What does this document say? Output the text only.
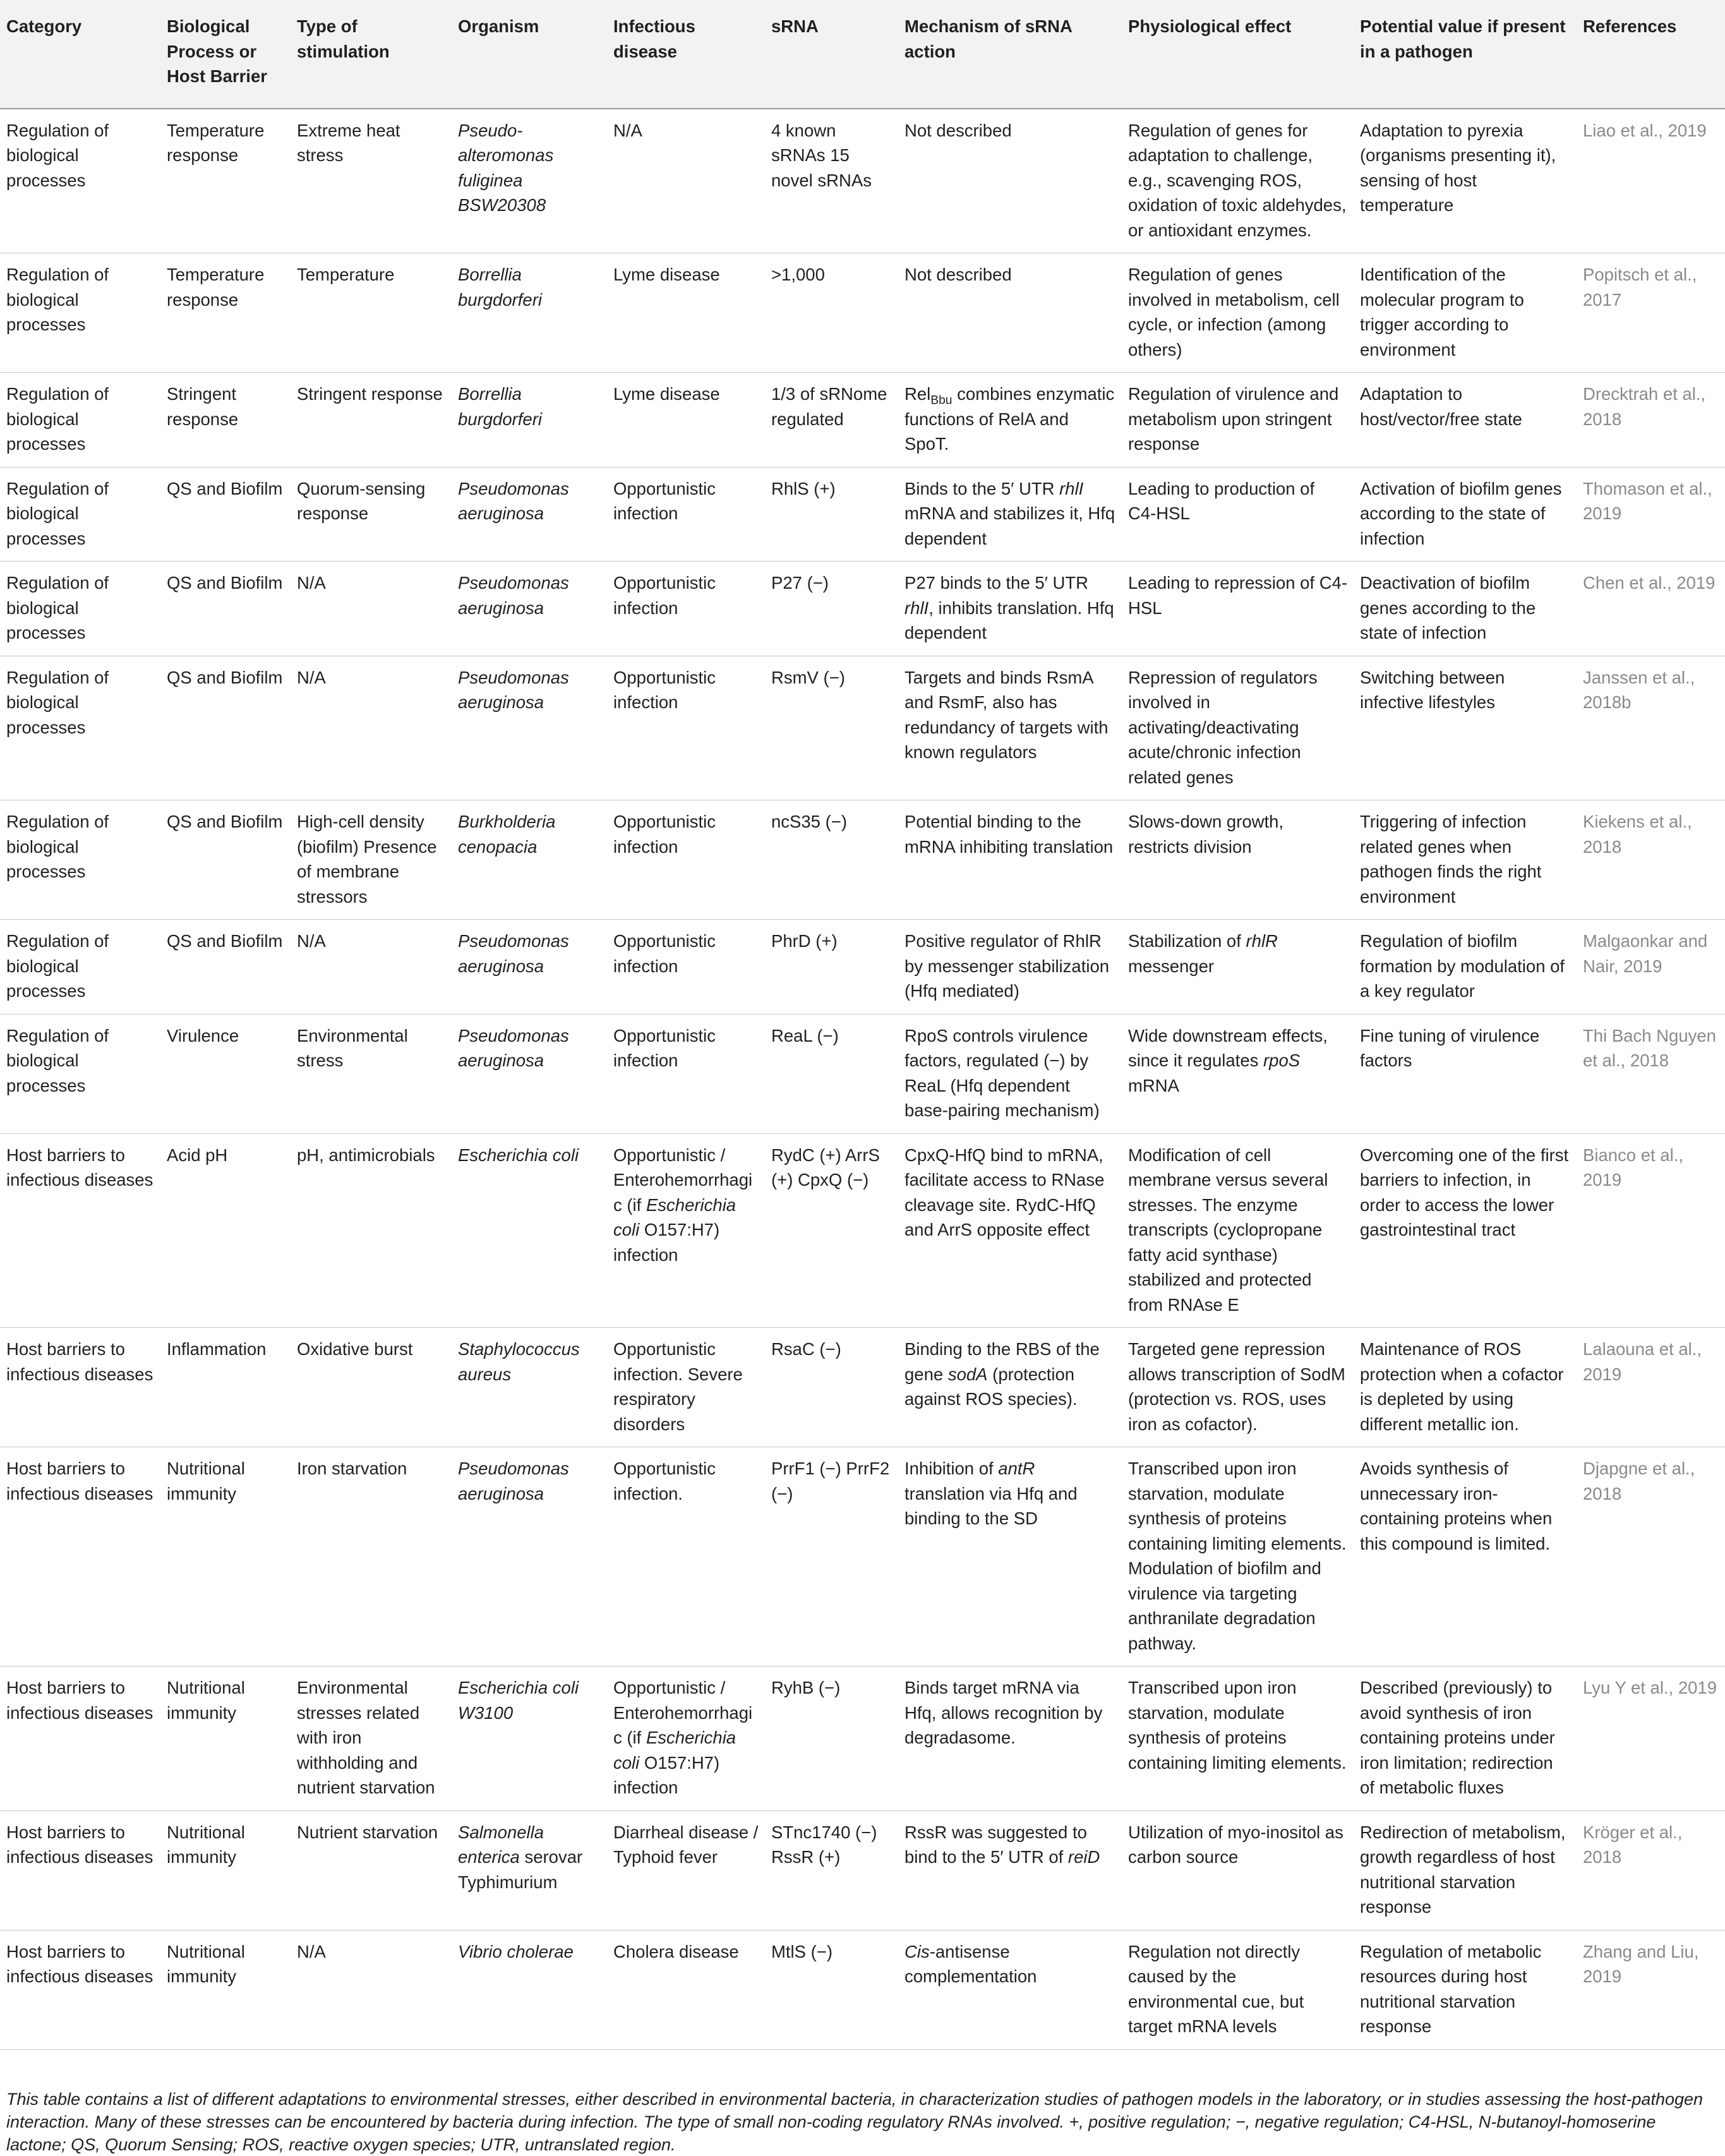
Category	Biological Process or Host Barrier	Type of stimulation	Organism	Infectious disease	sRNA	Mechanism of sRNA action	Physiological effect	Potential value if present in a pathogen	References
Regulation of biological processes	Temperature response	Extreme heat stress	Pseudo-alteromonas fuliginea BSW20308	N/A	4 known sRNAs 15 novel sRNAs	Not described	Regulation of genes for adaptation to challenge, e.g., scavenging ROS, oxidation of toxic aldehydes, or antioxidant enzymes.	Adaptation to pyrexia (organisms presenting it), sensing of host temperature	Liao et al., 2019
Regulation of biological processes	Temperature response	Temperature	Borrellia burgdorferi	Lyme disease	>1,000	Not described	Regulation of genes involved in metabolism, cell cycle, or infection (among others)	Identification of the molecular program to trigger according to environment	Popitsch et al., 2017
Regulation of biological processes	Stringent response	Stringent response	Borrellia burgdorferi	Lyme disease	1/3 of sRNome regulated	Rel$_{Bbu}$ combines enzymatic functions of RelA and SpoT.	Regulation of virulence and metabolism upon stringent response	Adaptation to host/vector/free state	Drecktrah et al., 2018
Regulation of biological processes	QS and Biofilm	Quorum-sensing response	Pseudomonas aeruginosa	Opportunistic infection	RhlS (+)	Binds to the 5′ UTR rhlI mRNA and stabilizes it, Hfq dependent	Leading to production of C4-HSL	Activation of biofilm genes according to the state of infection	Thomason et al., 2019
Regulation of biological processes	QS and Biofilm	N/A	Pseudomonas aeruginosa	Opportunistic infection	P27 (−)	P27 binds to the 5′ UTR rhlI, inhibits translation. Hfq dependent	Leading to repression of C4-HSL	Deactivation of biofilm genes according to the state of infection	Chen et al., 2019
Regulation of biological processes	QS and Biofilm	N/A	Pseudomonas aeruginosa	Opportunistic infection	RsmV (−)	Targets and binds RsmA and RsmF, also has redundancy of targets with known regulators	Repression of regulators involved in activating/deactivating acute/chronic infection related genes	Switching between infective lifestyles	Janssen et al., 2018b
Regulation of biological processes	QS and Biofilm	High-cell density (biofilm) Presence of membrane stressors	Burkholderia cenopacia	Opportunistic infection	ncS35 (−)	Potential binding to the mRNA inhibiting translation	Slows-down growth, restricts division	Triggering of infection related genes when pathogen finds the right environment	Kiekens et al., 2018
Regulation of biological processes	QS and Biofilm	N/A	Pseudomonas aeruginosa	Opportunistic infection	PhrD (+)	Positive regulator of RhlR by messenger stabilization (Hfq mediated)	Stabilization of rhlR messenger	Regulation of biofilm formation by modulation of a key regulator	Malgaonkar and Nair, 2019
Regulation of biological processes	Virulence	Environmental stress	Pseudomonas aeruginosa	Opportunistic infection	ReaL (−)	RpoS controls virulence factors, regulated (−) by ReaL (Hfq dependent base-pairing mechanism)	Wide downstream effects, since it regulates rpoS mRNA	Fine tuning of virulence factors	Thi Bach Nguyen et al., 2018
Host barriers to infectious diseases	Acid pH	pH, antimicrobials	Escherichia coli	Opportunistic / Enterohemorrhagic (if Escherichia coli O157:H7) infection	RydC (+) ArrS (+) CpxQ (−)	CpxQ-HfQ bind to mRNA, facilitate access to RNase cleavage site. RydC-HfQ and ArrS opposite effect	Modification of cell membrane versus several stresses. The enzyme transcripts (cyclopropane fatty acid synthase) stabilized and protected from RNAse E	Overcoming one of the first barriers to infection, in order to access the lower gastrointestinal tract	Bianco et al., 2019
Host barriers to infectious diseases	Inflammation	Oxidative burst	Staphylococcus aureus	Opportunistic infection. Severe respiratory disorders	RsaC (−)	Binding to the RBS of the gene sodA (protection against ROS species).	Targeted gene repression allows transcription of SodM (protection vs. ROS, uses iron as cofactor).	Maintenance of ROS protection when a cofactor is depleted by using different metallic ion.	Lalaouna et al., 2019
Host barriers to infectious diseases	Nutritional immunity	Iron starvation	Pseudomonas aeruginosa	Opportunistic infection.	PrrF1 (−) PrrF2 (−)	Inhibition of antR translation via Hfq and binding to the SD	Transcribed upon iron starvation, modulate synthesis of proteins containing limiting elements. Modulation of biofilm and virulence via targeting anthranilate degradation pathway.	Avoids synthesis of unnecessary iron-containing proteins when this compound is limited.	Djapgne et al., 2018
Host barriers to infectious diseases	Nutritional immunity	Environmental stresses related with iron withholding and nutrient starvation	Escherichia coli W3100	Opportunistic / Enterohemorrhagic (if Escherichia coli O157:H7) infection	RyhB (−)	Binds target mRNA via Hfq, allows recognition by degradasome.	Transcribed upon iron starvation, modulate synthesis of proteins containing limiting elements.	Described (previously) to avoid synthesis of iron containing proteins under iron limitation; redirection of metabolic fluxes	Lyu Y et al., 2019
Host barriers to infectious diseases	Nutritional immunity	Nutrient starvation	Salmonella enterica serovar Typhimurium	Diarrheal disease / Typhoid fever	STnc1740 (−) RssR (+)	RssR was suggested to bind to the 5′ UTR of reiD	Utilization of myo-inositol as carbon source	Redirection of metabolism, growth regardless of host nutritional starvation response	Kröger et al., 2018
Host barriers to infectious diseases	Nutritional immunity	N/A	Vibrio cholerae	Cholera disease	MtlS (−)	Cis-antisense complementation	Regulation not directly caused by the environmental cue, but target mRNA levels	Regulation of metabolic resources during host nutritional starvation response	Zhang and Liu, 2019

This table contains a list of different adaptations to environmental stresses, either described in environmental bacteria, in characterization studies of pathogen models in the laboratory, or in studies assessing the host-pathogen interaction. Many of these stresses can be encountered by bacteria during infection. The type of small non-coding regulatory RNAs involved. +, positive regulation; −, negative regulation; C4-HSL, N-butanoyl-homoserine lactone; QS, Quorum Sensing; ROS, reactive oxygen species; UTR, untranslated region.
